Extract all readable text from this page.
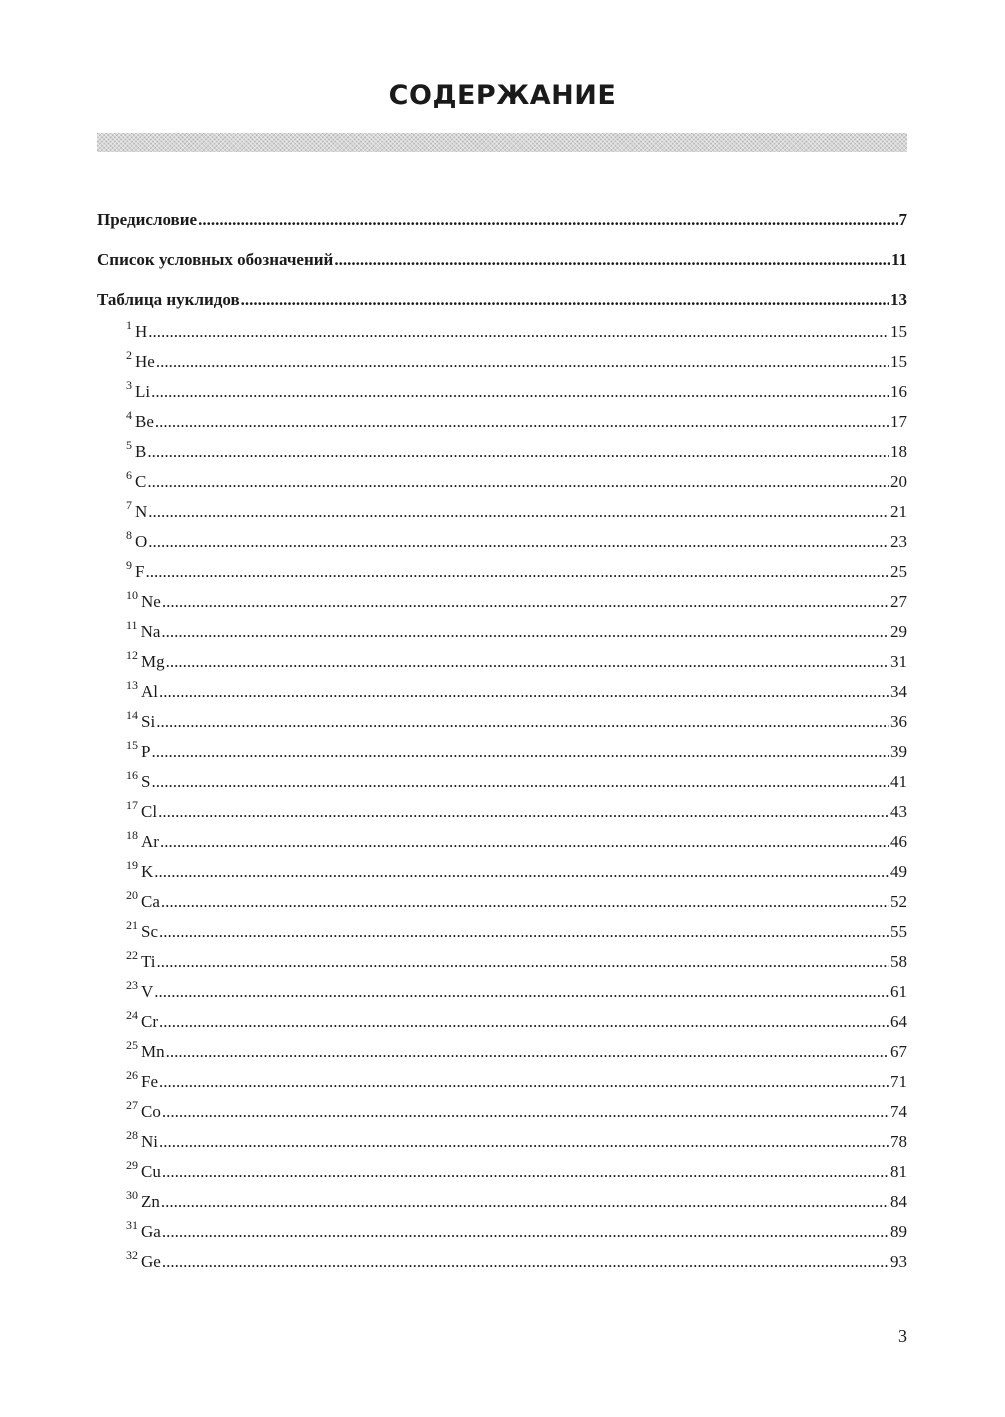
СОДЕРЖАНИЕ
Предисловие .....	7
Список условных обозначений .....	11
Таблица нуклидов .....	13
$^1$ H .....	15
$^2$ He .....	15
$^3$ Li .....	16
$^4$ Be .....	17
$^5$ B .....	18
$^6$ C .....	20
$^7$ N .....	21
$^8$ O .....	23
$^9$ F .....	25
$^{10}$ Ne .....	27
$^{11}$ Na .....	29
$^{12}$ Mg .....	31
$^{13}$ Al .....	34
$^{14}$ Si .....	36
$^{15}$ P .....	39
$^{16}$ S .....	41
$^{17}$ Cl .....	43
$^{18}$ Ar .....	46
$^{19}$ K .....	49
$^{20}$ Ca .....	52
$^{21}$ Sc .....	55
$^{22}$ Ti .....	58
$^{23}$ V .....	61
$^{24}$ Cr .....	64
$^{25}$ Mn .....	67
$^{26}$ Fe .....	71
$^{27}$ Co .....	74
$^{28}$ Ni .....	78
$^{29}$ Cu .....	81
$^{30}$ Zn .....	84
$^{31}$ Ga .....	89
$^{32}$ Ge .....	93
3
